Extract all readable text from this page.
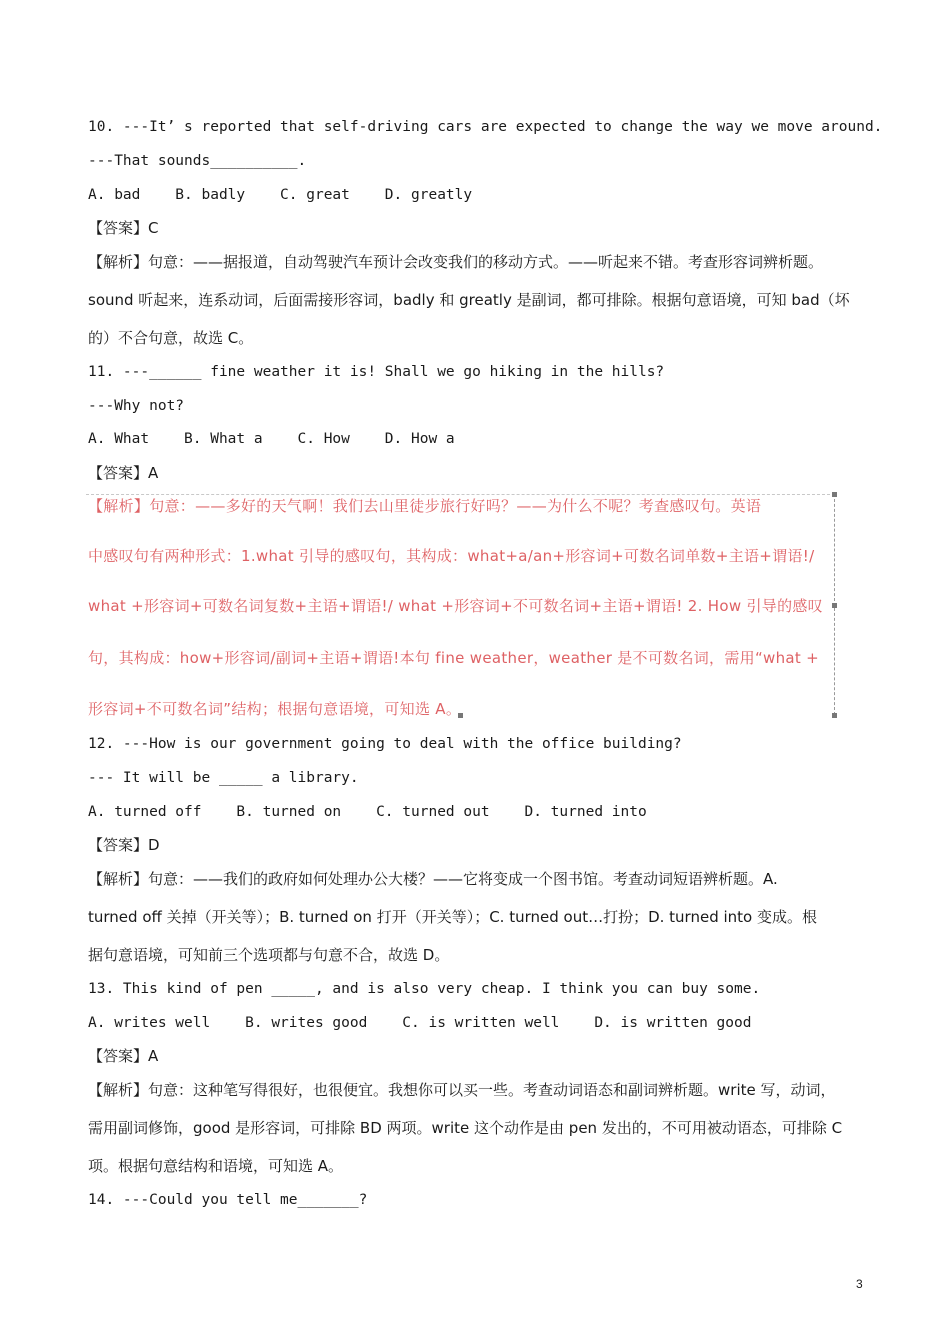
10. ---It’ s reported that self-driving cars are expected to change the way we move around.
---That sounds__________.
A. bad    B. badly    C. great    D. greatly
【答案】C
【解析】句意：——据报道，自动驾驶汽车预计会改变我们的移动方式。——听起来不错。考查形容词辨析题。
sound 听起来，连系动词，后面需接形容词，badly 和 greatly 是副词，都可排除。根据句意语境，可知 bad（坏
的）不合句意，故选 C。
11. ---______ fine weather it is! Shall we go hiking in the hills?
---Why not?
A. What    B. What a    C. How    D. How a
【答案】A
【解析】句意：——多好的天气啊！我们去山里徒步旅行好吗？——为什么不呢？考查感叹句。英语
中感叹句有两种形式：1.what 引导的感叹句，其构成：what+a/an+形容词+可数名词单数+主语+谓语!/
what +形容词+可数名词复数+主语+谓语!/ what +形容词+不可数名词+主语+谓语! 2. How 引导的感叹
句，其构成：how+形容词/副词+主语+谓语!本句 fine weather，weather 是不可数名词，需用“what +
形容词+不可数名词”结构；根据句意语境，可知选 A。
12. ---How is our government going to deal with the office building?
--- It will be _____ a library.
A. turned off    B. turned on    C. turned out    D. turned into
【答案】D
【解析】句意：——我们的政府如何处理办公大楼？——它将变成一个图书馆。考查动词短语辨析题。A.
turned off 关掉（开关等）；B. turned on 打开（开关等）；C. turned out…打扮；D. turned into 变成。根
据句意语境，可知前三个选项都与句意不合，故选 D。
13. This kind of pen _____, and is also very cheap. I think you can buy some.
A. writes well    B. writes good    C. is written well    D. is written good
【答案】A
【解析】句意：这种笔写得很好，也很便宜。我想你可以买一些。考查动词语态和副词辨析题。write 写，动词，
需用副词修饰，good 是形容词，可排除 BD 两项。write 这个动作是由 pen 发出的，不可用被动语态，可排除 C
项。根据句意结构和语境，可知选 A。
14. ---Could you tell me_______?
3
